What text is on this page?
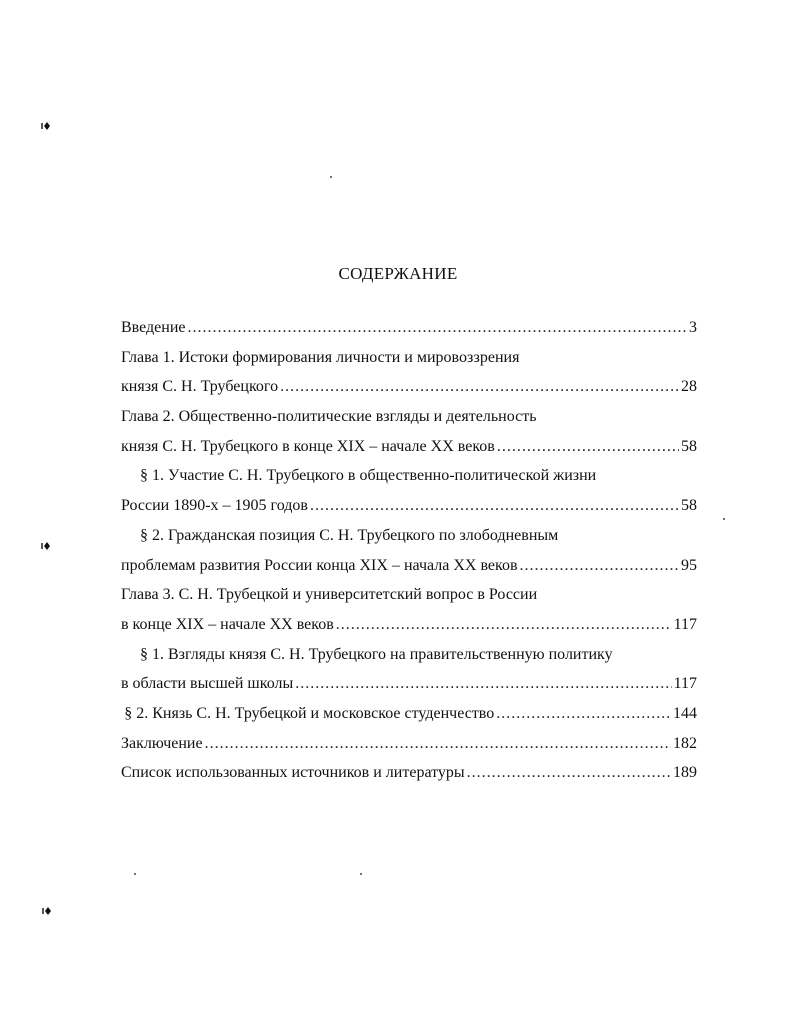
СОДЕРЖАНИЕ
Введение .....	3
Глава 1. Истоки формирования личности и мировоззрения
князя С. Н. Трубецкого .....	28
Глава 2. Общественно-политические взгляды и деятельность
князя С. Н. Трубецкого в конце XIX – начале XX веков .....	58
§ 1. Участие С. Н. Трубецкого в общественно-политической жизни
России 1890-х – 1905 годов .....	58
§ 2. Гражданская позиция С. Н. Трубецкого по злободневным
проблемам развития России конца XIX – начала XX веков .....	95
Глава 3. С. Н. Трубецкой и университетский вопрос в России
в конце XIX – начале XX веков .....	117
§ 1. Взгляды князя С. Н. Трубецкого на правительственную политику
в области высшей школы .....	117
§ 2. Князь С. Н. Трубецкой и московское студенчество .....	144
Заключение .....	182
Список использованных источников и литературы .....	189
